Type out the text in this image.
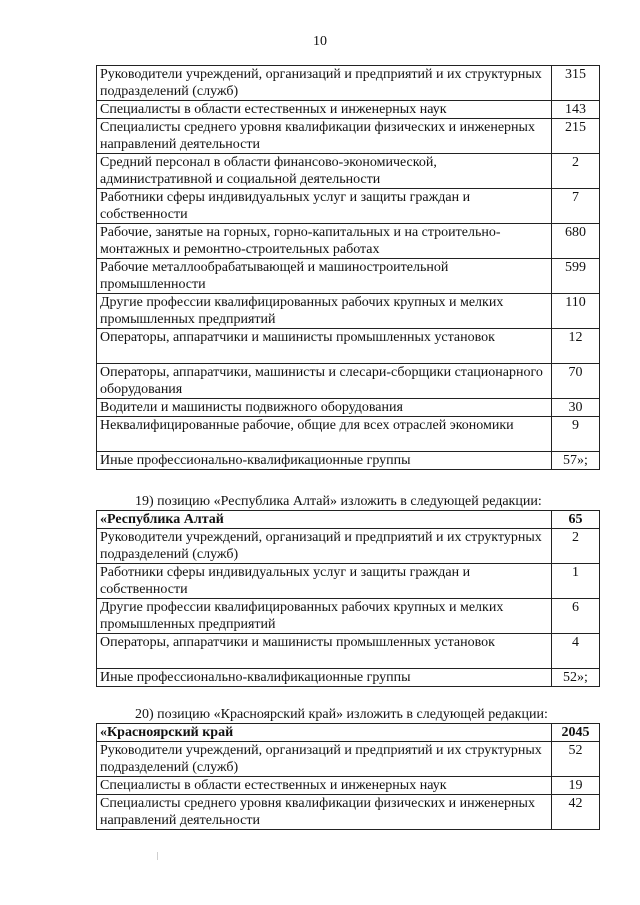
10
Руководители учреждений, организаций и предприятий и их структурных подразделений (служб)	315
Специалисты в области естественных и инженерных наук	143
Специалисты среднего уровня квалификации физических и инженерных направлений деятельности	215
Средний персонал в области финансово-экономической, административной и социальной деятельности	2
Работники сферы индивидуальных услуг и защиты граждан и собственности	7
Рабочие, занятые на горных, горно-капитальных и на строительно-монтажных и ремонтно-строительных работах	680
Рабочие металлообрабатывающей и машиностроительной промышленности	599
Другие профессии квалифицированных рабочих крупных и мелких промышленных предприятий	110
Операторы, аппаратчики и машинисты промышленных установок	12
Операторы, аппаратчики, машинисты и слесари-сборщики стационарного оборудования	70
Водители и машинисты подвижного оборудования	30
Неквалифицированные рабочие, общие для всех отраслей экономики	9
Иные профессионально-квалификационные группы	57»;
19) позицию «Республика Алтай» изложить в следующей редакции:
«Республика Алтай	65
Руководители учреждений, организаций и предприятий и их структурных подразделений (служб)	2
Работники сферы индивидуальных услуг и защиты граждан и собственности	1
Другие профессии квалифицированных рабочих крупных и мелких промышленных предприятий	6
Операторы, аппаратчики и машинисты промышленных установок	4
Иные профессионально-квалификационные группы	52»;
20) позицию «Красноярский край» изложить в следующей редакции:
«Красноярский край	2045
Руководители учреждений, организаций и предприятий и их структурных подразделений (служб)	52
Специалисты в области естественных и инженерных наук	19
Специалисты среднего уровня квалификации физических и инженерных направлений деятельности	42
